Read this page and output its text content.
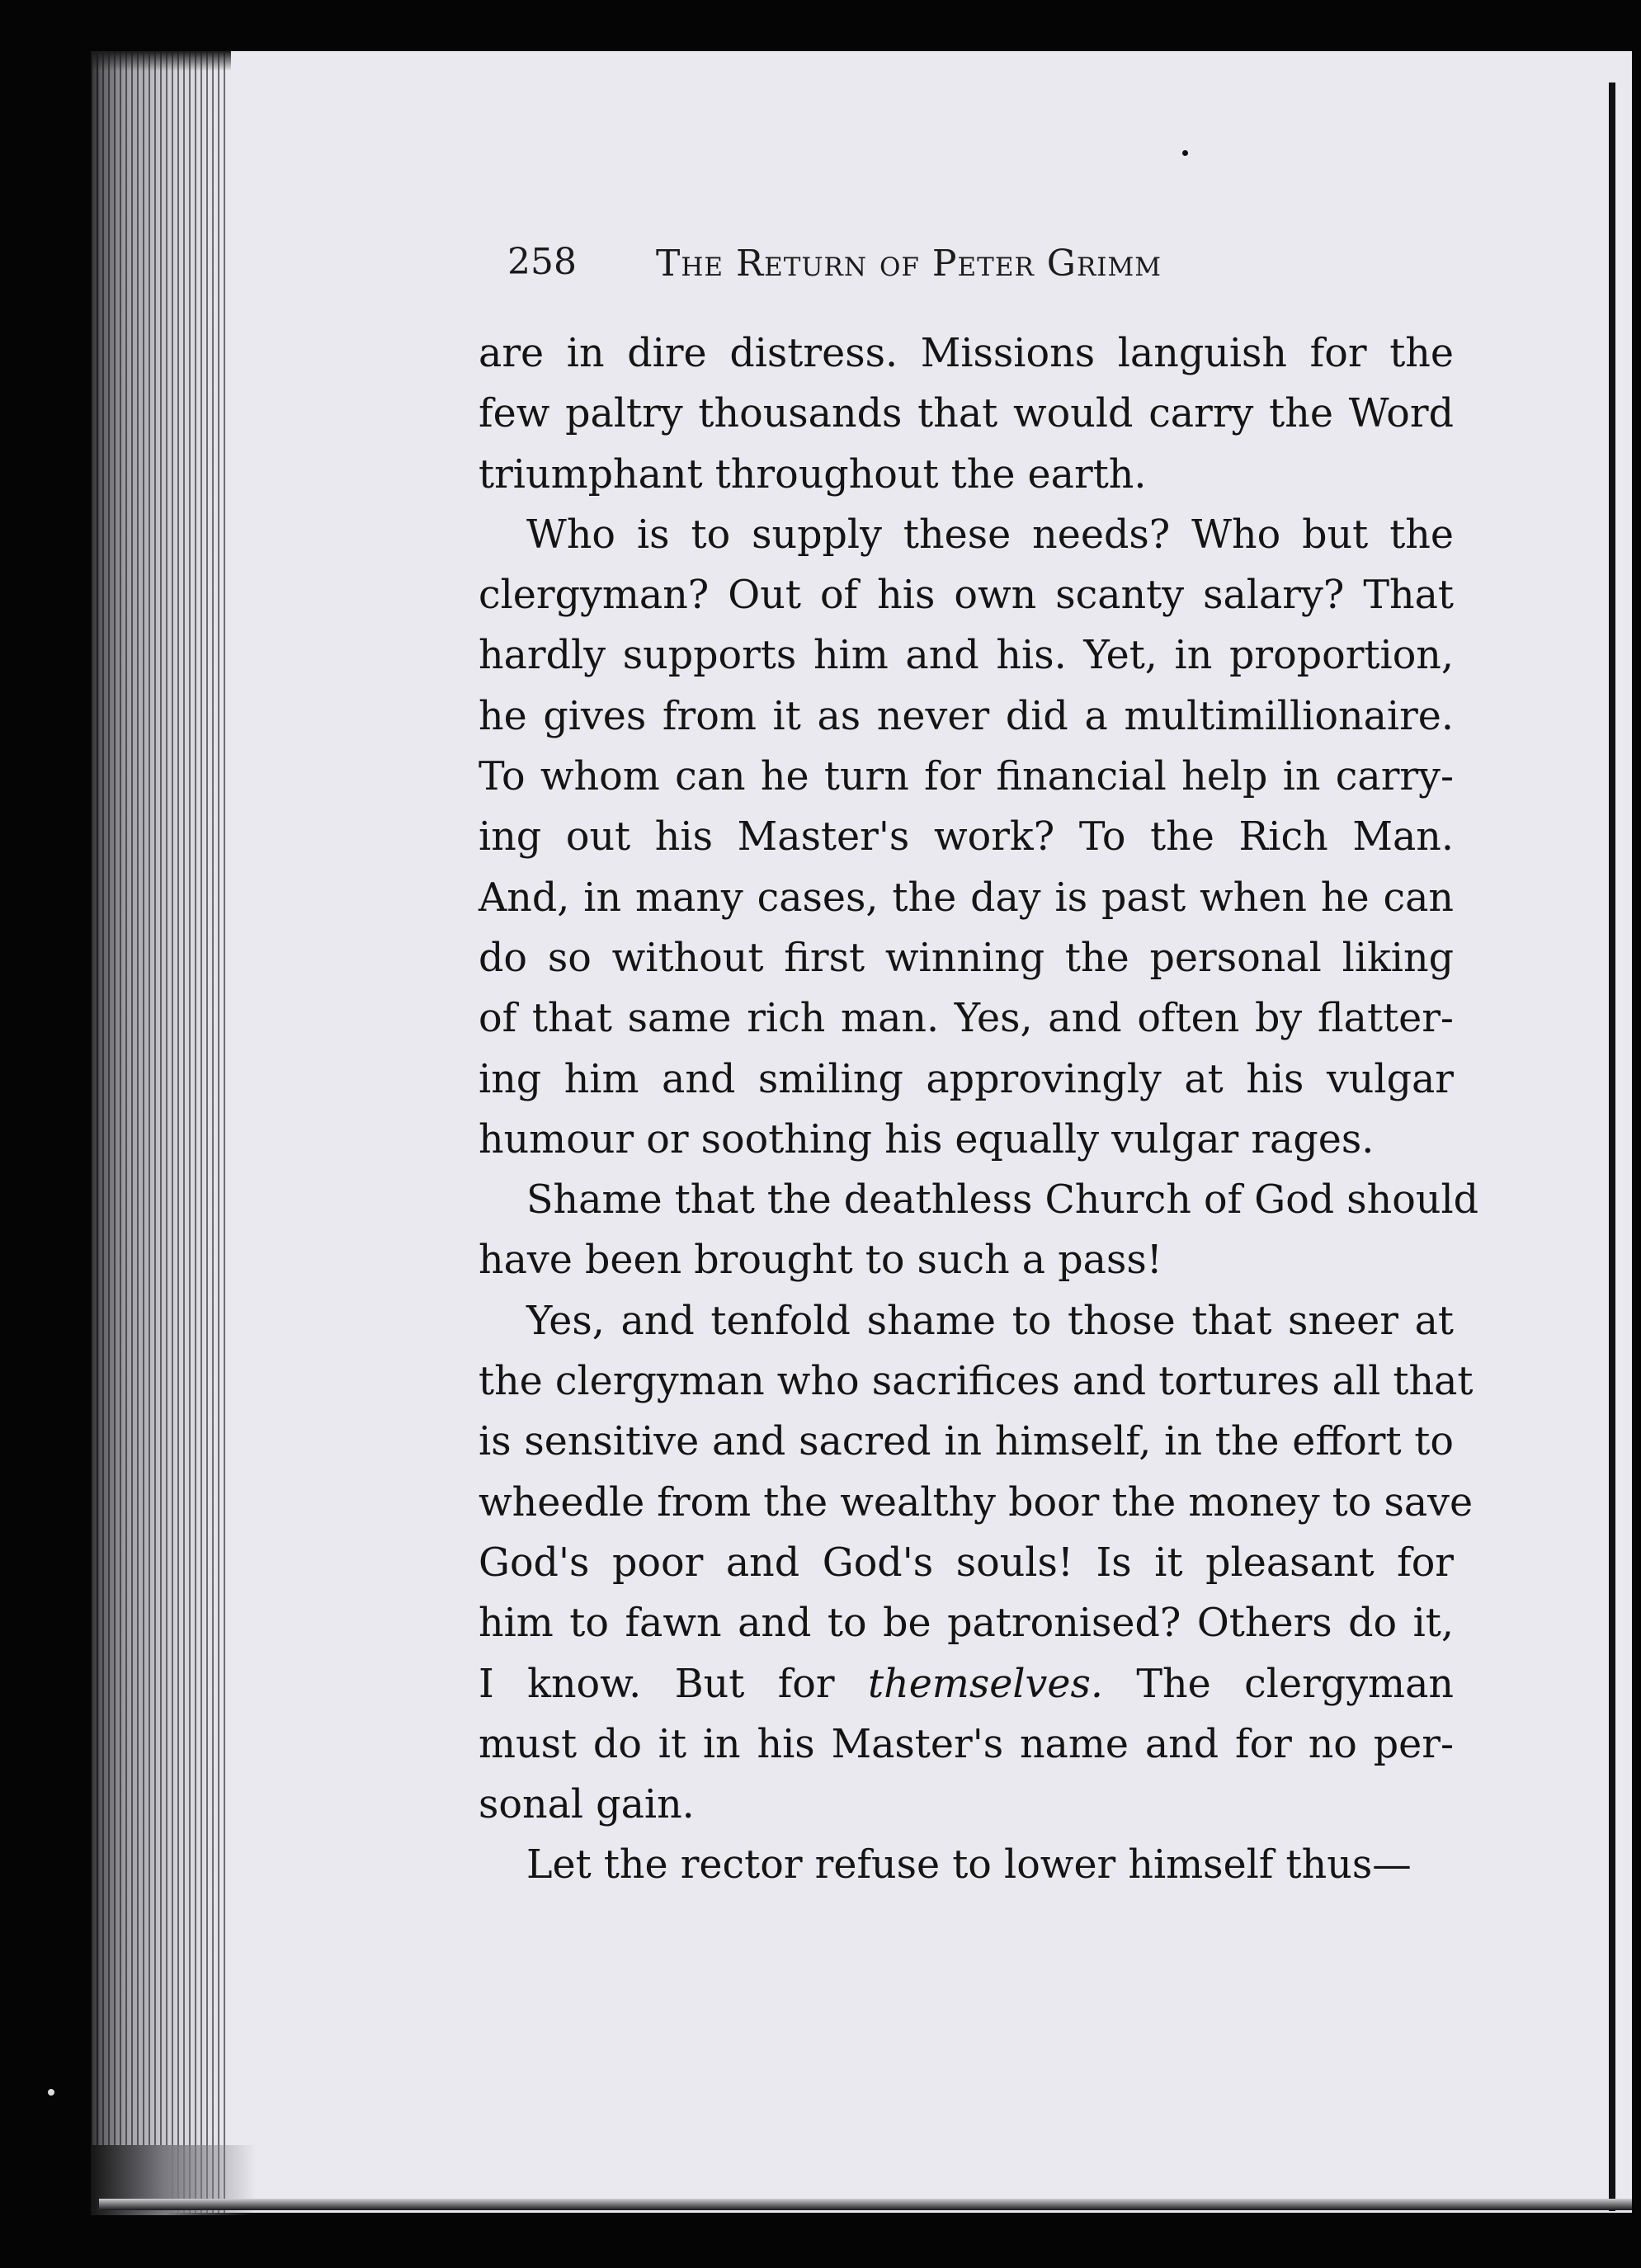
258 The Return of Peter Grimm
are in dire distress. Missions languish for the
few paltry thousands that would carry the Word
triumphant throughout the earth.
Who is to supply these needs? Who but the
clergyman? Out of his own scanty salary? That
hardly supports him and his. Yet, in proportion,
he gives from it as never did a multimillionaire.
To whom can he turn for financial help in carry-
ing out his Master's work? To the Rich Man.
And, in many cases, the day is past when he can
do so without first winning the personal liking
of that same rich man. Yes, and often by flatter-
ing him and smiling approvingly at his vulgar
humour or soothing his equally vulgar rages.
Shame that the deathless Church of God should
have been brought to such a pass!
Yes, and tenfold shame to those that sneer at
the clergyman who sacrifices and tortures all that
is sensitive and sacred in himself, in the effort to
wheedle from the wealthy boor the money to save
God's poor and God's souls! Is it pleasant for
him to fawn and to be patronised? Others do it,
I know. But for themselves. The clergyman
must do it in his Master's name and for no per-
sonal gain.
Let the rector refuse to lower himself thus—
